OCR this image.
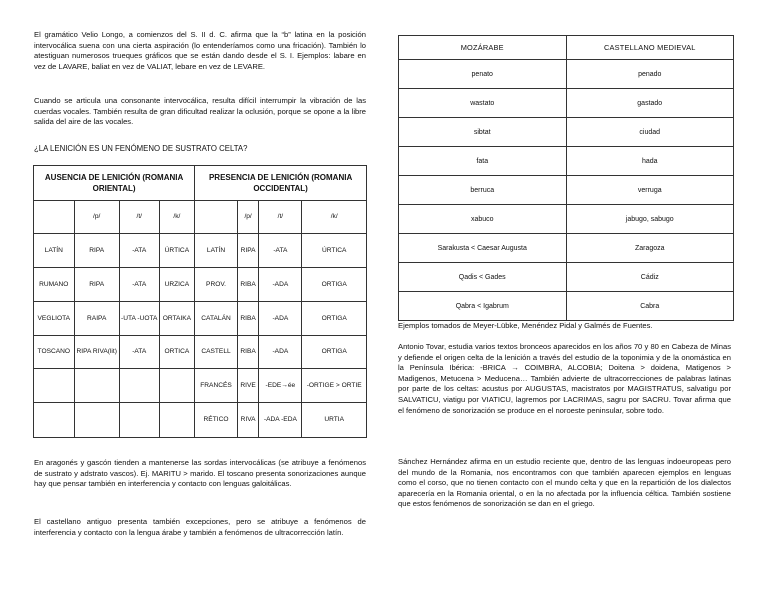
El gramático Velio Longo, a comienzos del S. II d. C. afirma que la “b” latina en la posición intervocálica suena con una cierta aspiración (lo entenderíamos como una fricación). También lo atestiguan numerosos trueques gráficos que se están dando desde el S. I. Ejemplos: labare en vez de LAVARE, baliat en vez de VALIAT, lebare en vez de LEVARE.

Cuando se articula una consonante intervocálica, resulta difícil interrumpir la vibración de las cuerdas vocales. También resulta de gran dificultad realizar la oclusión, porque se opone a la libre salida del aire de las vocales.

¿LA LENICIÓN ES UN FENÓMENO DE SUSTRATO CELTA?

AUSENCIA DE LENICIÓN (ROMANIA ORIENTAL)				PRESENCIA DE LENICIÓN (ROMANIA OCCIDENTAL)			
	/p/	/t/	/k/		/p/	/t/	/k/
LATÍN	RIPA	-ATA	ÚRTICA	LATÍN	RIPA	-ATA	ÚRTICA
RUMANO	RIPA	-ATA	URZICA	PROV.	RIBA	-ADA	ORTIGA
VEGLIOTA	RAIPA	-UTA -UOTA	ORTAIKA	CATALÁN	RIBA	-ADA	ORTIGA
TOSCANO	RIPA RIVA(lit)	-ATA	ORTICA	CASTELL	RIBA	-ADA	ORTIGA
				FRANCÉS	RIVE	-EDE→ée	-ORTIGE > ORTIE
				RÉTICO	RIVA	-ADA -EDA	URTIA

En aragonés y gascón tienden a mantenerse las sordas intervocálicas (se atribuye a fenómenos de sustrato y adstrato vascos). Ej. MARITU > marido. El toscano presenta sonorizaciones aunque hay que pensar también en interferencia y contacto con lenguas galoitálicas.

El castellano antiguo presenta también excepciones, pero se atribuye a fenómenos de interferencia y contacto con la lengua árabe y también a fenómenos de ultracorrección latín.

MOZÁRABE	CASTELLANO MEDIEVAL
penato	penado
wastato	gastado
sibtat	ciudad
fata	hada
berruca	verruga
xabuco	jabugo, sabugo
Sarakusta < Caesar Augusta	Zaragoza
Qadis < Gades	Cádiz
Qabra < Igabrum	Cabra

Ejemplos tomados de Meyer-Lübke, Menéndez Pidal y Galmés de Fuentes.

Antonio Tovar, estudia varios textos bronceos aparecidos en los años 70 y 80 en Cabeza de Minas y defiende el origen celta de la lenición a través del estudio de la toponimia y de la onomástica en la Península Ibérica: -BRICA → COIMBRA, ALCOBIA; Doitena > doidena, Matigenos > Madigenos, Metucena > Meducena… También advierte de ultracorrecciones de palabras latinas por parte de los celtas: acustus por AUGUSTAS, macistratos por MAGISTRATUS, salvatigu por SALVATICU, viatigu por VIATICU, lagremos por LACRIMAS, sagru por SACRU. Tovar afirma que el fenómeno de sonorización se produce en el noroeste peninsular, sobre todo.

Sánchez Hernández afirma en un estudio reciente que, dentro de las lenguas indoeuropeas pero del mundo de la Romania, nos encontramos con que también aparecen ejemplos en lenguas como el corso, que no tienen contacto con el mundo celta y que en la repartición de los dialectos aparecería en la Romania oriental, o en la no afectada por la influencia céltica. También sostiene que estos fenómenos de sonorización se dan en el griego.
